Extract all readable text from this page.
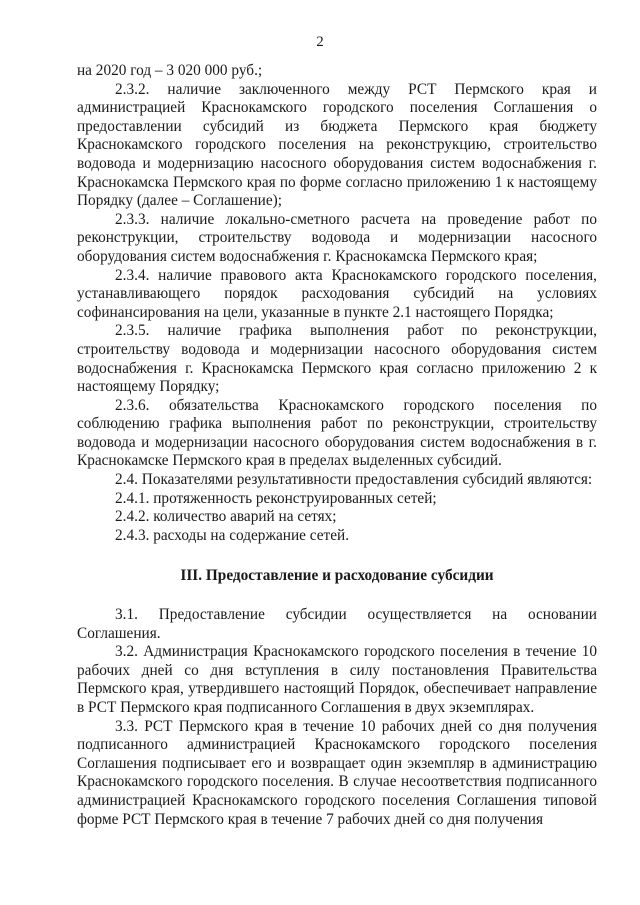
2

на 2020 год – 3 020 000 руб.;

2.3.2. наличие заключенного между РСТ Пермского края и администрацией Краснокамского городского поселения Соглашения о предоставлении субсидий из бюджета Пермского края бюджету Краснокамского городского поселения на реконструкцию, строительство водовода и модернизацию насосного оборудования систем водоснабжения г. Краснокамска Пермского края по форме согласно приложению 1 к настоящему Порядку (далее – Соглашение);

2.3.3. наличие локально-сметного расчета на проведение работ по реконструкции, строительству водовода и модернизации насосного оборудования систем водоснабжения г. Краснокамска Пермского края;

2.3.4. наличие правового акта Краснокамского городского поселения, устанавливающего порядок расходования субсидий на условиях софинансирования на цели, указанные в пункте 2.1 настоящего Порядка;

2.3.5. наличие графика выполнения работ по реконструкции, строительству водовода и модернизации насосного оборудования систем водоснабжения г. Краснокамска Пермского края согласно приложению 2 к настоящему Порядку;

2.3.6. обязательства Краснокамского городского поселения по соблюдению графика выполнения работ по реконструкции, строительству водовода и модернизации насосного оборудования систем водоснабжения в г. Краснокамске Пермского края в пределах выделенных субсидий.

2.4. Показателями результативности предоставления субсидий являются:

2.4.1. протяженность реконструированных сетей;

2.4.2. количество аварий на сетях;

2.4.3. расходы на содержание сетей.

III. Предоставление и расходование субсидии

3.1. Предоставление субсидии осуществляется на основании Соглашения.

3.2. Администрация Краснокамского городского поселения в течение 10 рабочих дней со дня вступления в силу постановления Правительства Пермского края, утвердившего настоящий Порядок, обеспечивает направление в РСТ Пермского края подписанного Соглашения в двух экземплярах.

3.3. РСТ Пермского края в течение 10 рабочих дней со дня получения подписанного администрацией Краснокамского городского поселения Соглашения подписывает его и возвращает один экземпляр в администрацию Краснокамского городского поселения. В случае несоответствия подписанного администрацией Краснокамского городского поселения Соглашения типовой форме РСТ Пермского края в течение 7 рабочих дней со дня получения
